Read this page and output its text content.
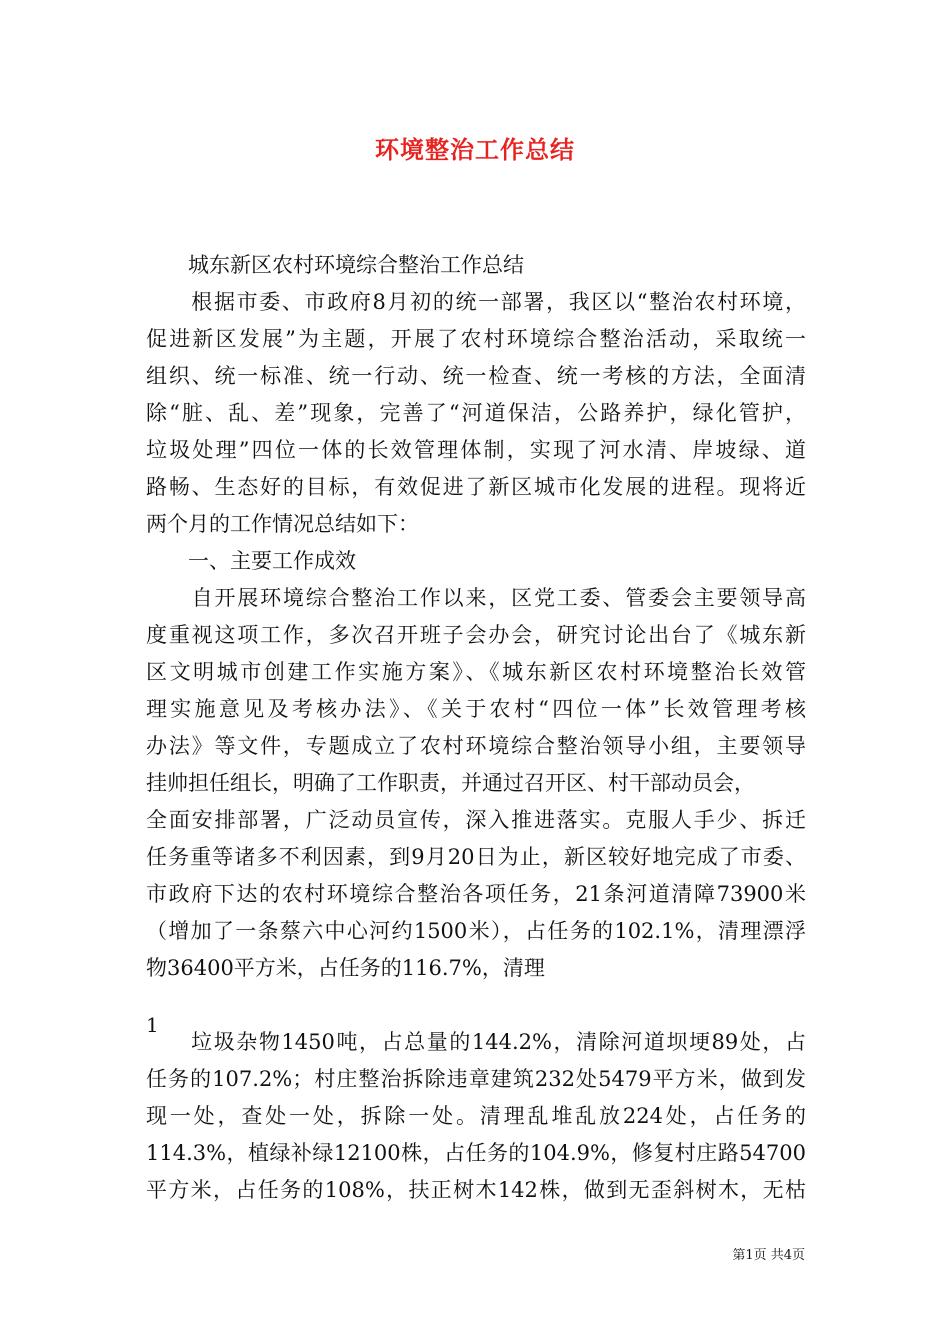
环境整治工作总结
　　城东新区农村环境综合整治工作总结
　　根据市委、市政府8月初的统一部署，我区以“整治农村环境，
促进新区发展”为主题，开展了农村环境综合整治活动，采取统一
组织、统一标准、统一行动、统一检查、统一考核的方法，全面清
除“脏、乱、差”现象，完善了“河道保洁，公路养护，绿化管护，
垃圾处理”四位一体的长效管理体制，实现了河水清、岸坡绿、道
路畅、生态好的目标，有效促进了新区城市化发展的进程。现将近
两个月的工作情况总结如下：
　　一、主要工作成效
　　自开展环境综合整治工作以来，区党工委、管委会主要领导高
度重视这项工作，多次召开班子会办会，研究讨论出台了《城东新
区文明城市创建工作实施方案》、《城东新区农村环境整治长效管
理实施意见及考核办法》、《关于农村“四位一体”长效管理考核
办法》等文件，专题成立了农村环境综合整治领导小组，主要领导
挂帅担任组长，明确了工作职责，并通过召开区、村干部动员会，
全面安排部署，广泛动员宣传，深入推进落实。克服人手少、拆迁
任务重等诸多不利因素，到9月20日为止，新区较好地完成了市委、
市政府下达的农村环境综合整治各项任务，21条河道清障73900米
（增加了一条蔡六中心河约1500米），占任务的102.1%，清理漂浮
物36400平方米，占任务的116.7%，清理
1
　　垃圾杂物1450吨，占总量的144.2%，清除河道坝埂89处，占
任务的107.2%；村庄整治拆除违章建筑232处5479平方米，做到发
现一处，查处一处，拆除一处。清理乱堆乱放224处，占任务的
114.3%，植绿补绿12100株，占任务的104.9%，修复村庄路54700
平方米，占任务的108%，扶正树木142株，做到无歪斜树木，无枯
第1页 共4页
